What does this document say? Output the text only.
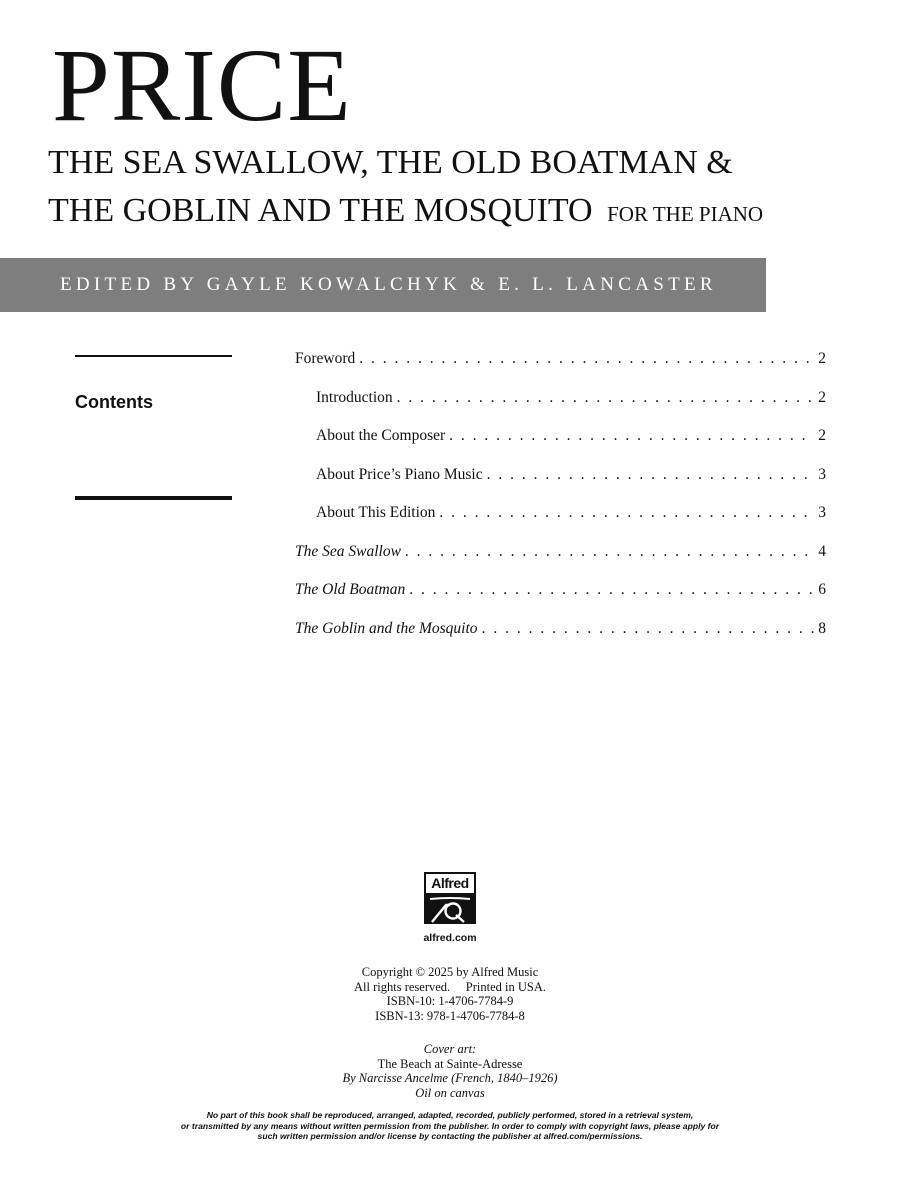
PRICE
THE SEA SWALLOW, THE OLD BOATMAN &
THE GOBLIN AND THE MOSQUITO FOR THE PIANO
EDITED BY GAYLE KOWALCHYK & E. L. LANCASTER
Contents
Foreword . . .	2
Introduction . . .	2
About the Composer . . .	2
About Price’s Piano Music . . .	3
About This Edition . . .	3
The Sea Swallow . . .	4
The Old Boatman . . .	6
The Goblin and the Mosquito . . .	8
Alfred
alfred.com
Copyright © 2025 by Alfred Music
All rights reserved.     Printed in USA.
ISBN-10: 1-4706-7784-9
ISBN-13: 978-1-4706-7784-8
Cover art:
The Beach at Sainte-Adresse
By Narcisse Ancelme (French, 1840–1926)
Oil on canvas
No part of this book shall be reproduced, arranged, adapted, recorded, publicly performed, stored in a retrieval system,
or transmitted by any means without written permission from the publisher. In order to comply with copyright laws, please apply for
such written permission and/or license by contacting the publisher at alfred.com/permissions.
